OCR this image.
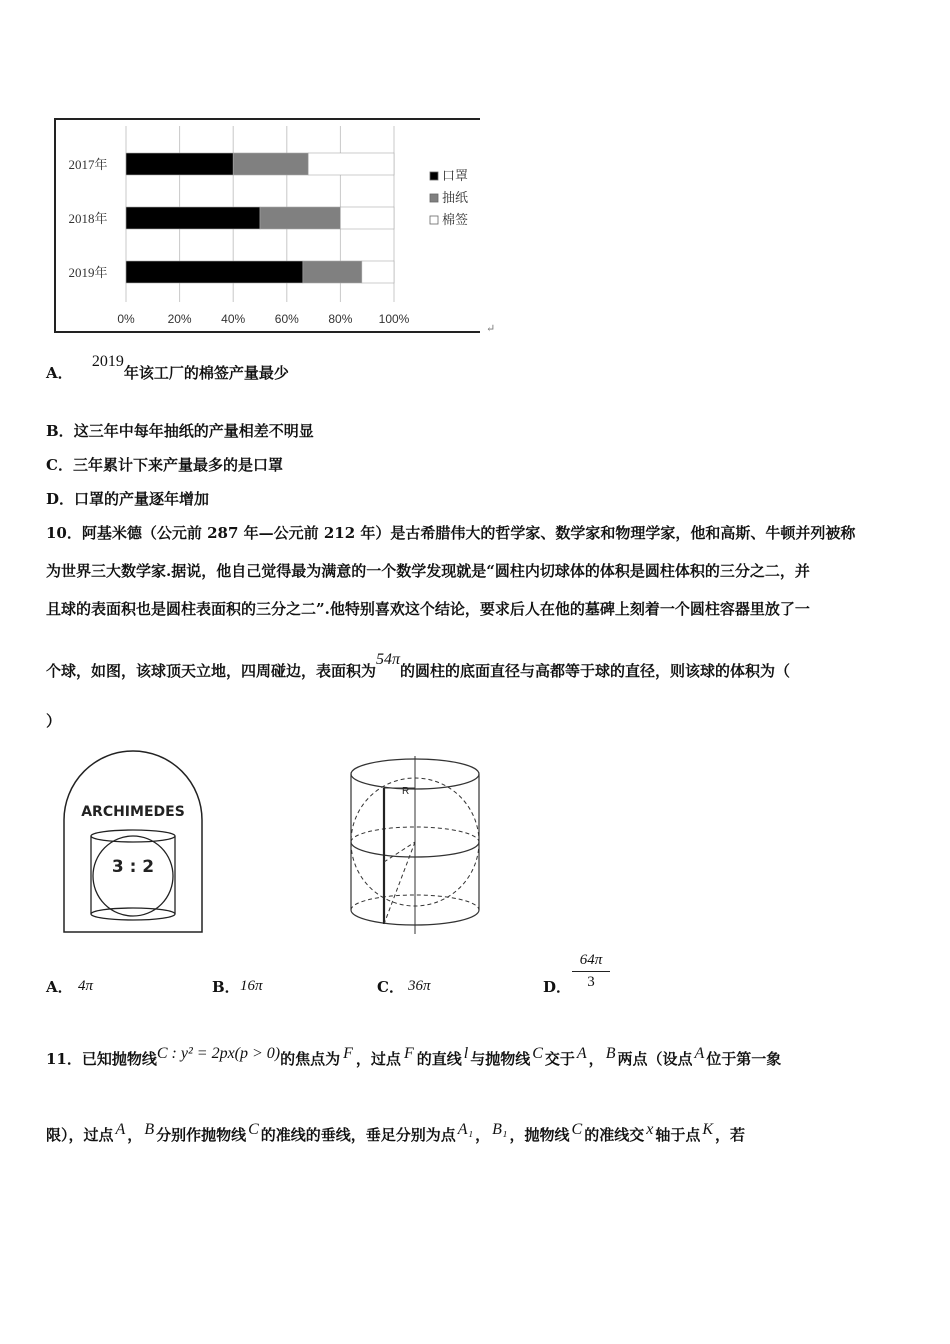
0%	20% 40% 60% 80% 100%
2017年
2018年
2019年
口罩
抽纸
棉签
↵
A． 2019年该工厂的棉签产量最少
B．这三年中每年抽纸的产量相差不明显
C．三年累计下来产量最多的是口罩
D．口罩的产量逐年增加
10．阿基米德（公元前 287 年—公元前 212 年）是古希腊伟大的哲学家、数学家和物理学家，他和高斯、牛顿并列被称
为世界三大数学家.据说，他自己觉得最为满意的一个数学发现就是“圆柱内切球体的体积是圆柱体积的三分之二，并
且球的表面积也是圆柱表面积的三分之二”.他特别喜欢这个结论，要求后人在他的墓碑上刻着一个圆柱容器里放了一
个球，如图，该球顶天立地，四周碰边，表面积为54π的圆柱的底面直径与高都等于球的直径，则该球的体积为（
）
ARCHIMEDES
3 : 2
R
A． 4π	B． 16π	C． 36π	D． $\frac{64\pi}{3}$
11．已知抛物线C : y² = 2px(p > 0)的焦点为 F ，过点 F 的直线 l 与抛物线 C 交于 A ， B 两点（设点 A 位于第一象
限），过点 A ， B 分别作抛物线 C 的准线的垂线，垂足分别为点 A₁ ， B₁ ，抛物线 C 的准线交 x 轴于点 K ，若
